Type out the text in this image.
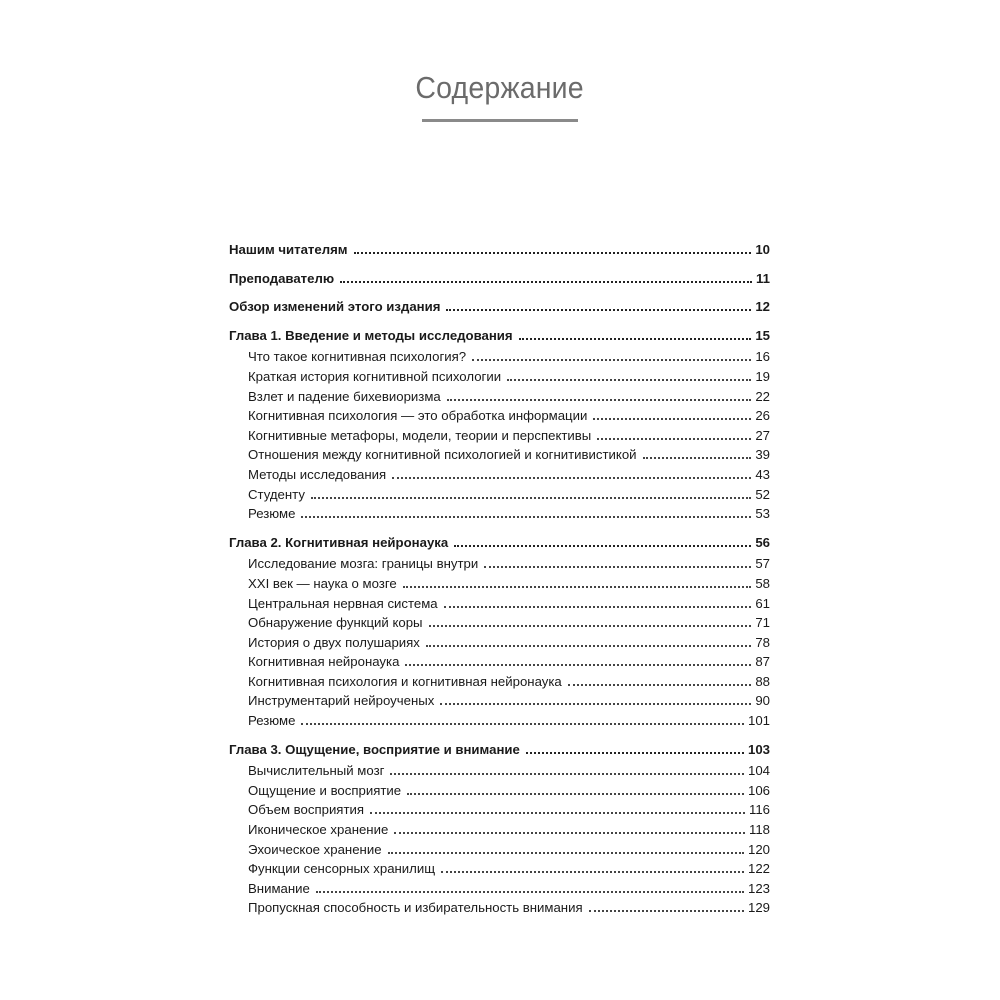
Содержание
Нашим читателям	10
Преподавателю	11
Обзор изменений этого издания	12
Глава 1. Введение и методы исследования	15
Что такое когнитивная психология?	16
Краткая история когнитивной психологии	19
Взлет и падение бихевиоризма	22
Когнитивная психология — это обработка информации	26
Когнитивные метафоры, модели, теории и перспективы	27
Отношения между когнитивной психологией и когнитивистикой	39
Методы исследования	43
Студенту	52
Резюме	53
Глава 2. Когнитивная нейронаука	56
Исследование мозга: границы внутри	57
XXI век — наука о мозге	58
Центральная нервная система	61
Обнаружение функций коры	71
История о двух полушариях	78
Когнитивная нейронаука	87
Когнитивная психология и когнитивная нейронаука	88
Инструментарий нейроученых	90
Резюме	101
Глава 3. Ощущение, восприятие и внимание	103
Вычислительный мозг	104
Ощущение и восприятие	106
Объем восприятия	116
Иконическое хранение	118
Эхоическое хранение	120
Функции сенсорных хранилищ	122
Внимание	123
Пропускная способность и избирательность внимания	129
